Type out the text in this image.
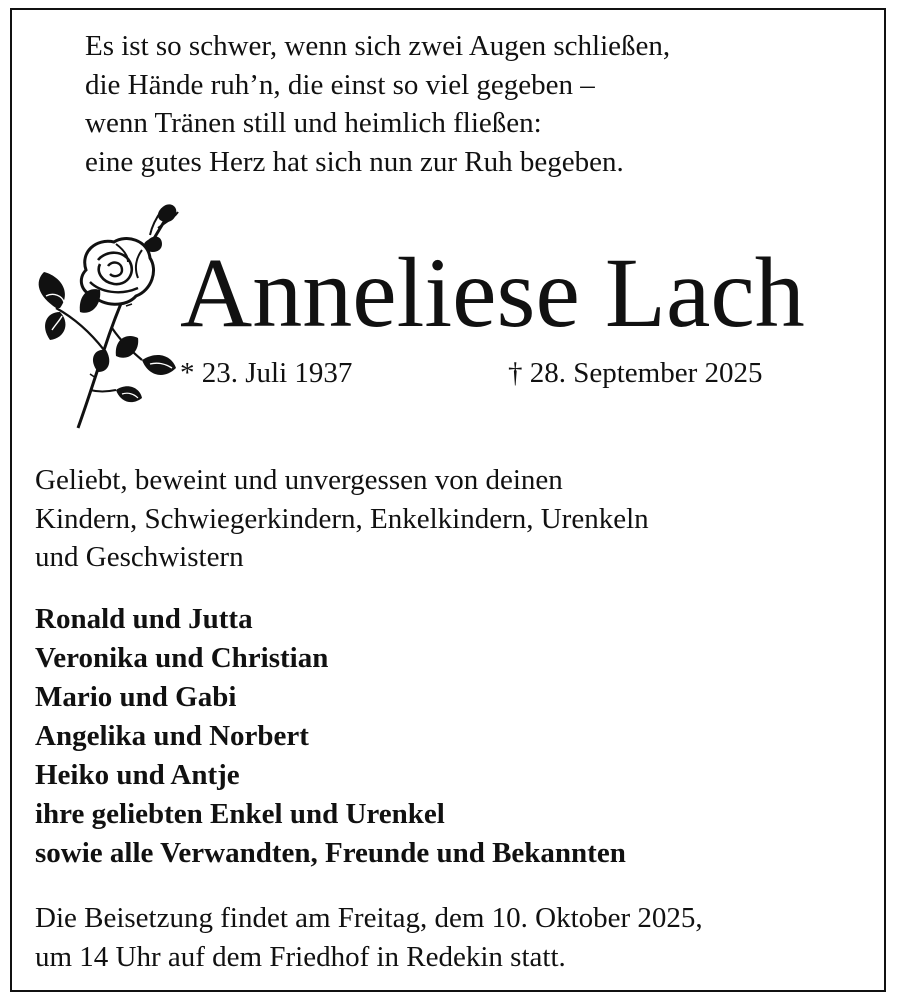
Es ist so schwer, wenn sich zwei Augen schließen,
die Hände ruh’n, die einst so viel gegeben –
wenn Tränen still und heimlich fließen:
eine gutes Herz hat sich nun zur Ruh begeben.
Anneliese Lach
* 23. Juli 1937	† 28. September 2025
Geliebt, beweint und unvergessen von deinen
Kindern, Schwiegerkindern, Enkelkindern, Urenkeln
und Geschwistern
Ronald und Jutta
Veronika und Christian
Mario und Gabi
Angelika und Norbert
Heiko und Antje
ihre geliebten Enkel und Urenkel
sowie alle Verwandten, Freunde und Bekannten
Die Beisetzung findet am Freitag, dem 10. Oktober 2025,
um 14 Uhr auf dem Friedhof in Redekin statt.
